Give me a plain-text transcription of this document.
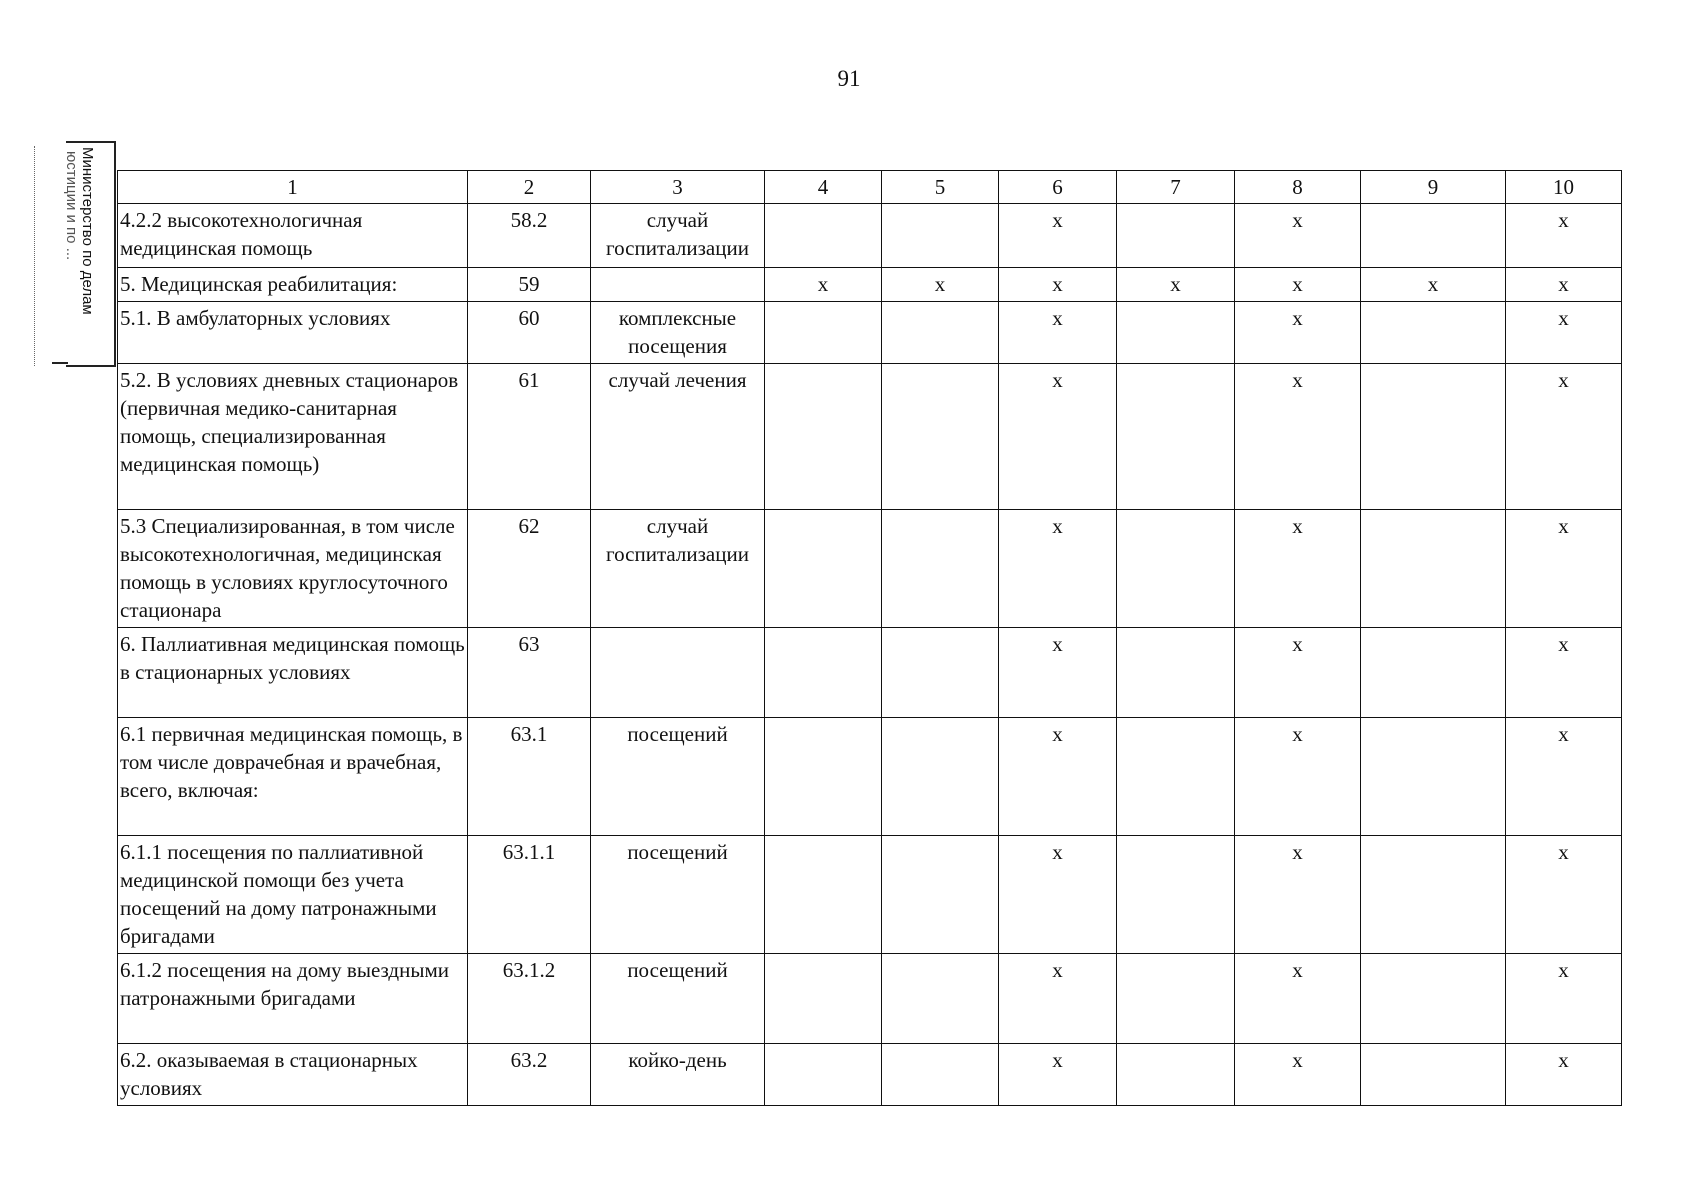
91
Министерство по делам
юстиции и по ...	1	2	3	4	5	6	7	8	9	10
4.2.2 высокотехнологичная медицинская помощь	58.2	случай госпитализации			x		x		x
5. Медицинская реабилитация:	59		x	x	x	x	x	x	x
5.1. В амбулаторных условиях	60	комплексные посещения			x		x		x
5.2. В условиях дневных стационаров (первичная медико-санитарная помощь, специализированная медицинская помощь)	61	случай лечения			x		x		x
5.3 Специализированная, в том числе высокотехнологичная, медицинская помощь в условиях круглосуточного стационара	62	случай госпитализации			x		x		x
6. Паллиативная медицинская помощь в стационарных условиях	63				x		x		x
6.1 первичная медицинская помощь, в том числе доврачебная и врачебная, всего, включая:	63.1	посещений			x		x		x
6.1.1 посещения по паллиативной медицинской помощи без учета посещений на дому патронажными бригадами	63.1.1	посещений			x		x		x
6.1.2 посещения на дому выездными патронажными бригадами	63.1.2	посещений			x		x		x
6.2. оказываемая в стационарных условиях	63.2	койко-день			x		x		x
